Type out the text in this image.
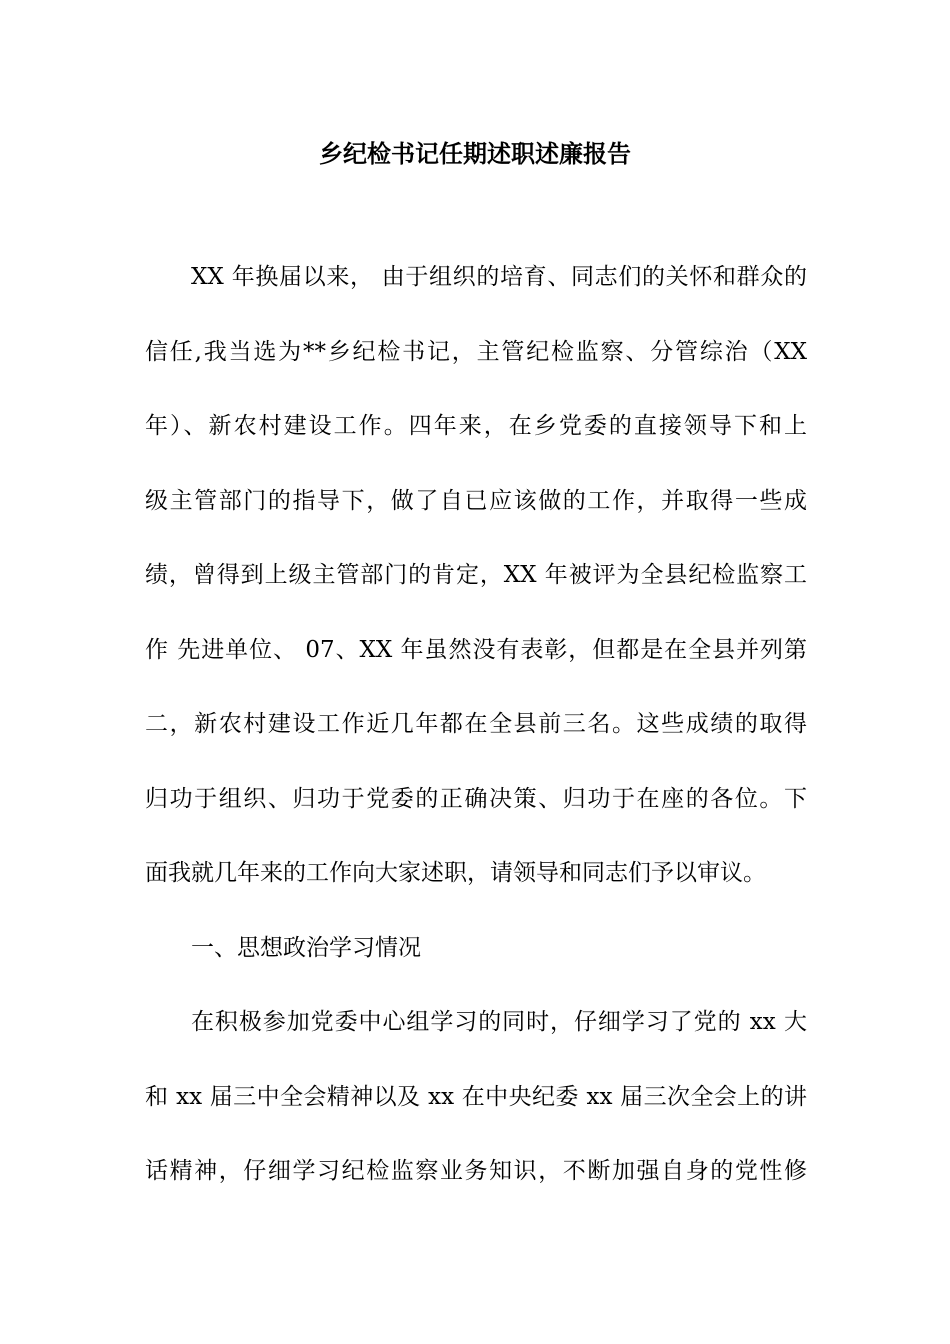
乡纪检书记任期述职述廉报告
XX 年换届以来， 由于组织的培育、同志们的关怀和群众的
信任,我当选为**乡纪检书记，主管纪检监察、分管综治（XX
年）、新农村建设工作。四年来，在乡党委的直接领导下和上
级主管部门的指导下，做了自已应该做的工作，并取得一些成
绩，曾得到上级主管部门的肯定，XX 年被评为全县纪检监察工
作 先进单位、 07、XX 年虽然没有表彰，但都是在全县并列第
二，新农村建设工作近几年都在全县前三名。这些成绩的取得
归功于组织、归功于党委的正确决策、归功于在座的各位。下
面我就几年来的工作向大家述职，请领导和同志们予以审议。
一、思想政治学习情况
在积极参加党委中心组学习的同时，仔细学习了党的 xx 大
和 xx 届三中全会精神以及 xx 在中央纪委 xx 届三次全会上的讲
话精神，仔细学习纪检监察业务知识，不断加强自身的党性修
